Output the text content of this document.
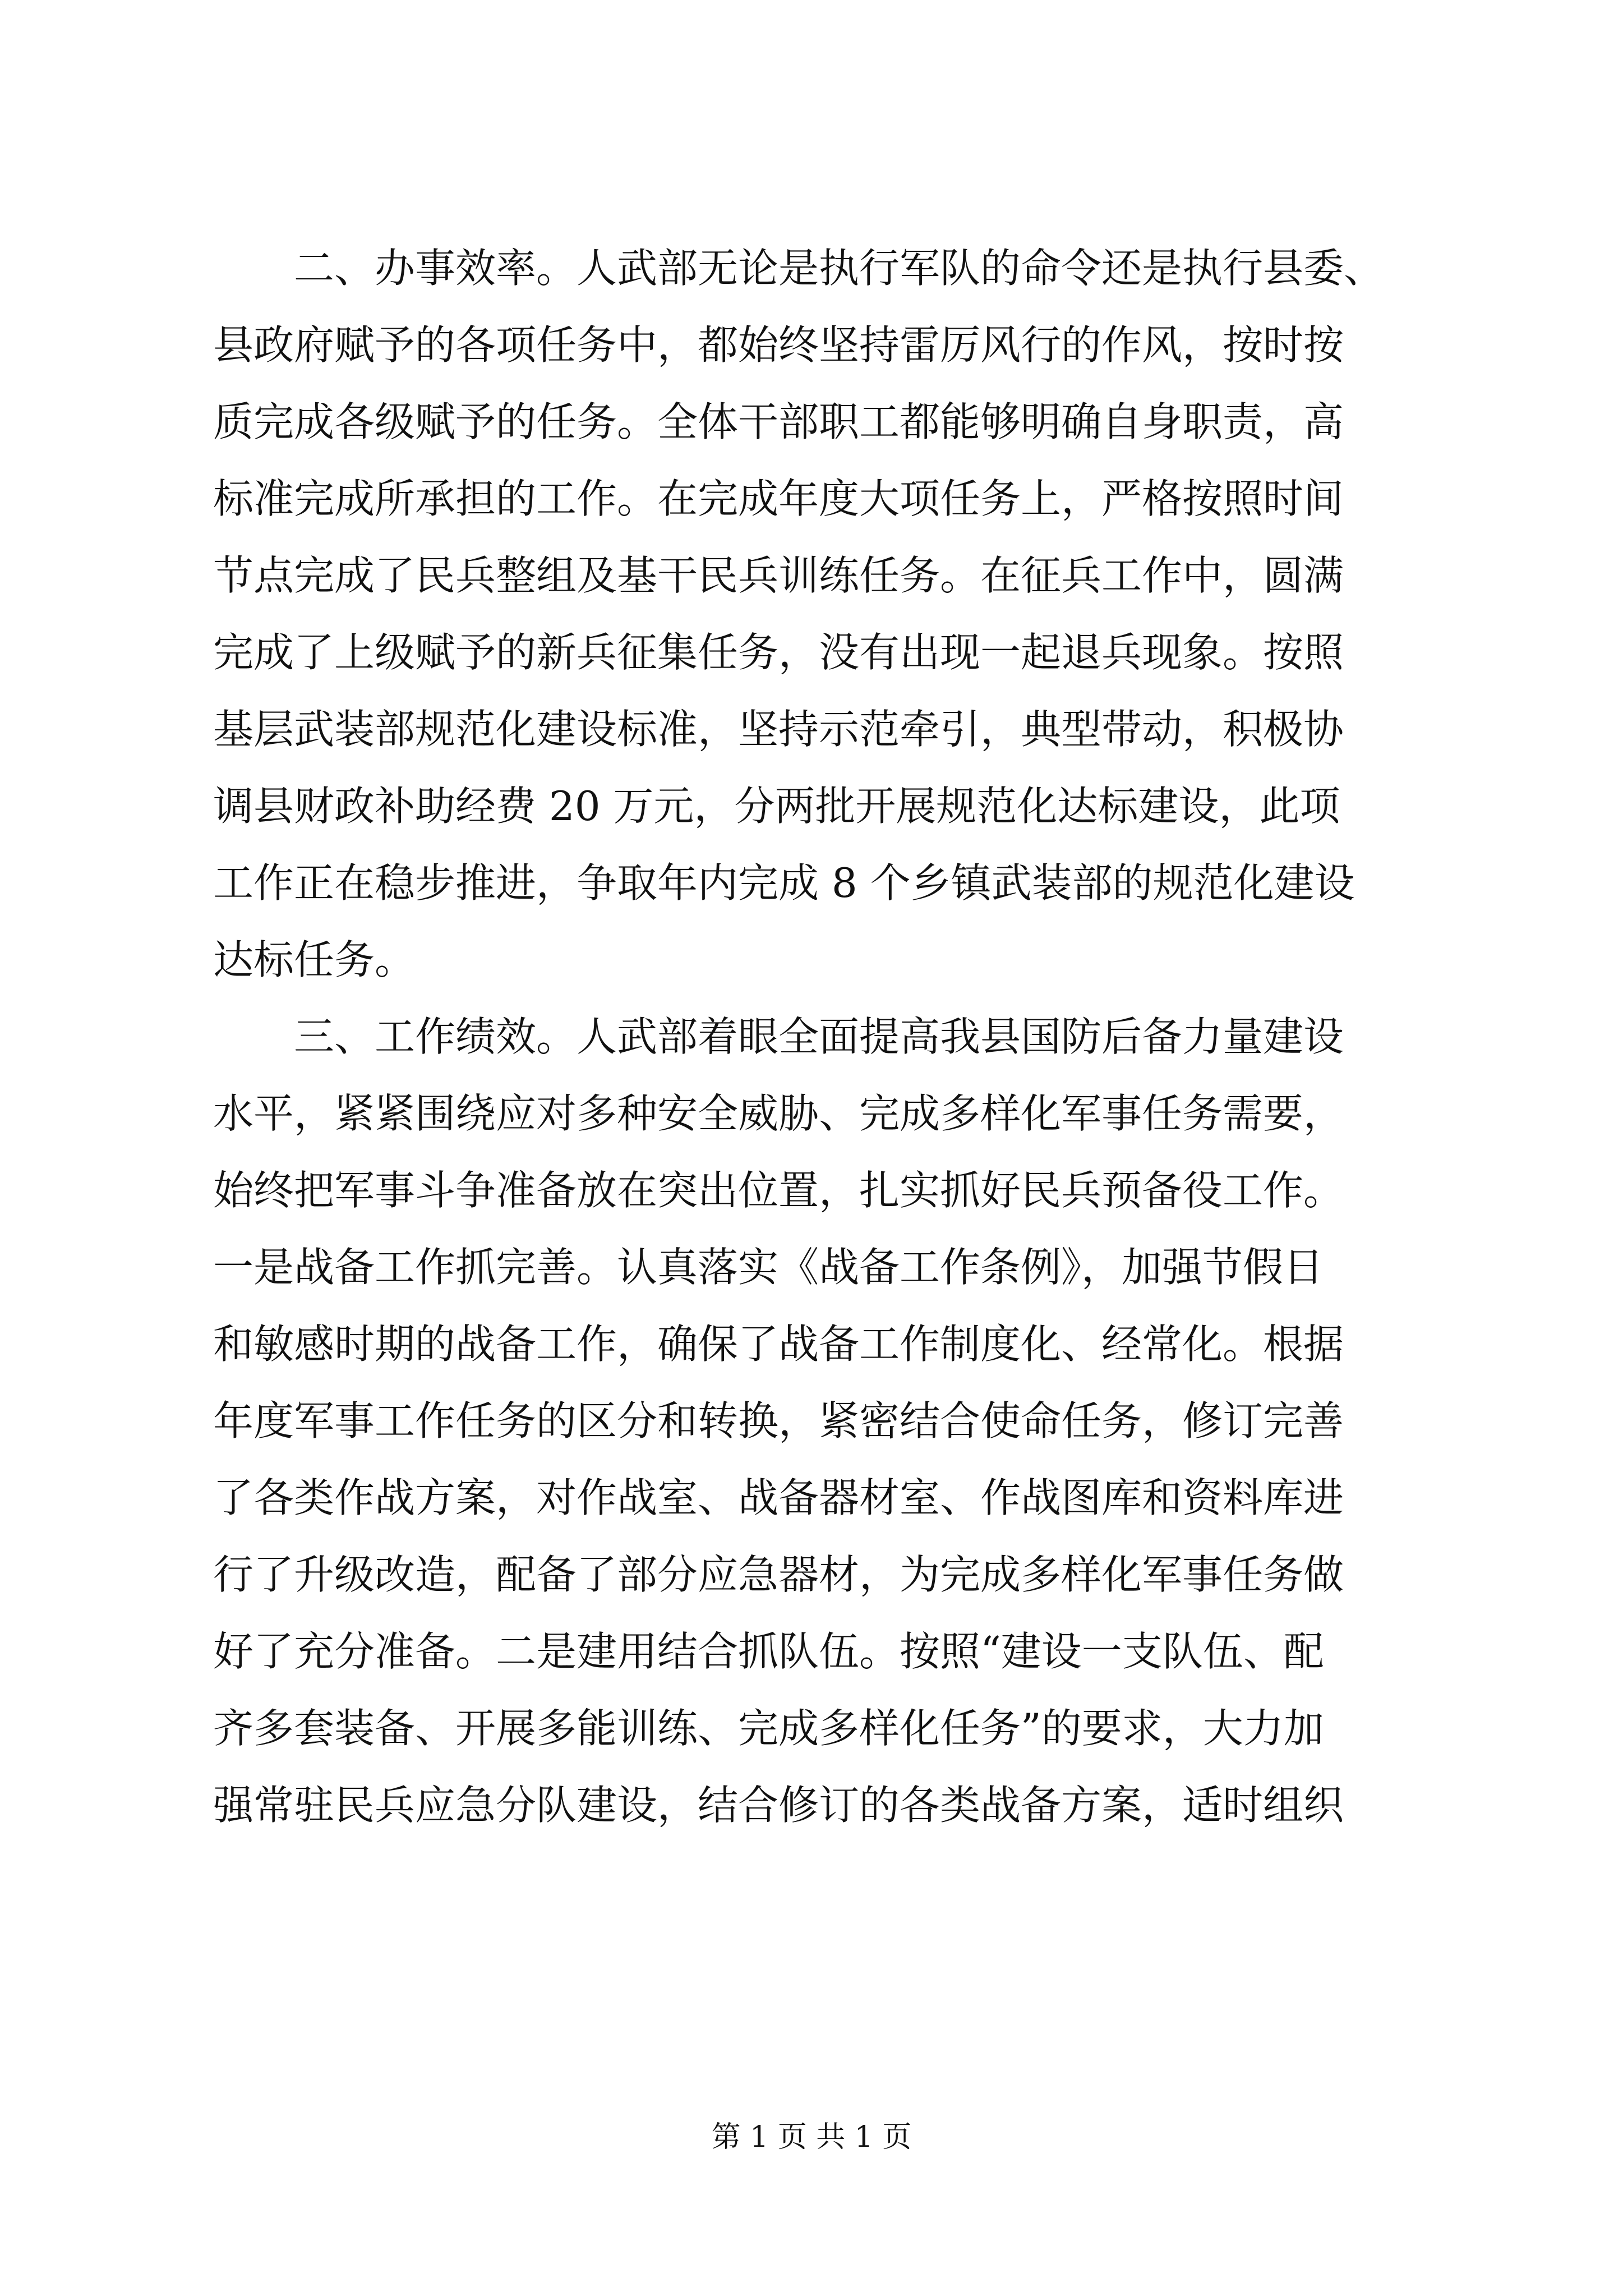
　　二、办事效率。人武部无论是执行军队的命令还是执行县委、
县政府赋予的各项任务中，都始终坚持雷厉风行的作风，按时按
质完成各级赋予的任务。全体干部职工都能够明确自身职责，高
标准完成所承担的工作。在完成年度大项任务上，严格按照时间
节点完成了民兵整组及基干民兵训练任务。在征兵工作中，圆满
完成了上级赋予的新兵征集任务，没有出现一起退兵现象。按照
基层武装部规范化建设标准，坚持示范牵引，典型带动，积极协
调县财政补助经费 20 万元，分两批开展规范化达标建设，此项
工作正在稳步推进，争取年内完成 8 个乡镇武装部的规范化建设
达标任务。
　　三、工作绩效。人武部着眼全面提高我县国防后备力量建设
水平，紧紧围绕应对多种安全威胁、完成多样化军事任务需要，
始终把军事斗争准备放在突出位置，扎实抓好民兵预备役工作。
一是战备工作抓完善。认真落实《战备工作条例》，加强节假日
和敏感时期的战备工作，确保了战备工作制度化、经常化。根据
年度军事工作任务的区分和转换，紧密结合使命任务，修订完善
了各类作战方案，对作战室、战备器材室、作战图库和资料库进
行了升级改造，配备了部分应急器材，为完成多样化军事任务做
好了充分准备。二是建用结合抓队伍。按照“建设一支队伍、配
齐多套装备、开展多能训练、完成多样化任务”的要求，大力加
强常驻民兵应急分队建设，结合修订的各类战备方案，适时组织
第 1 页 共 1 页
